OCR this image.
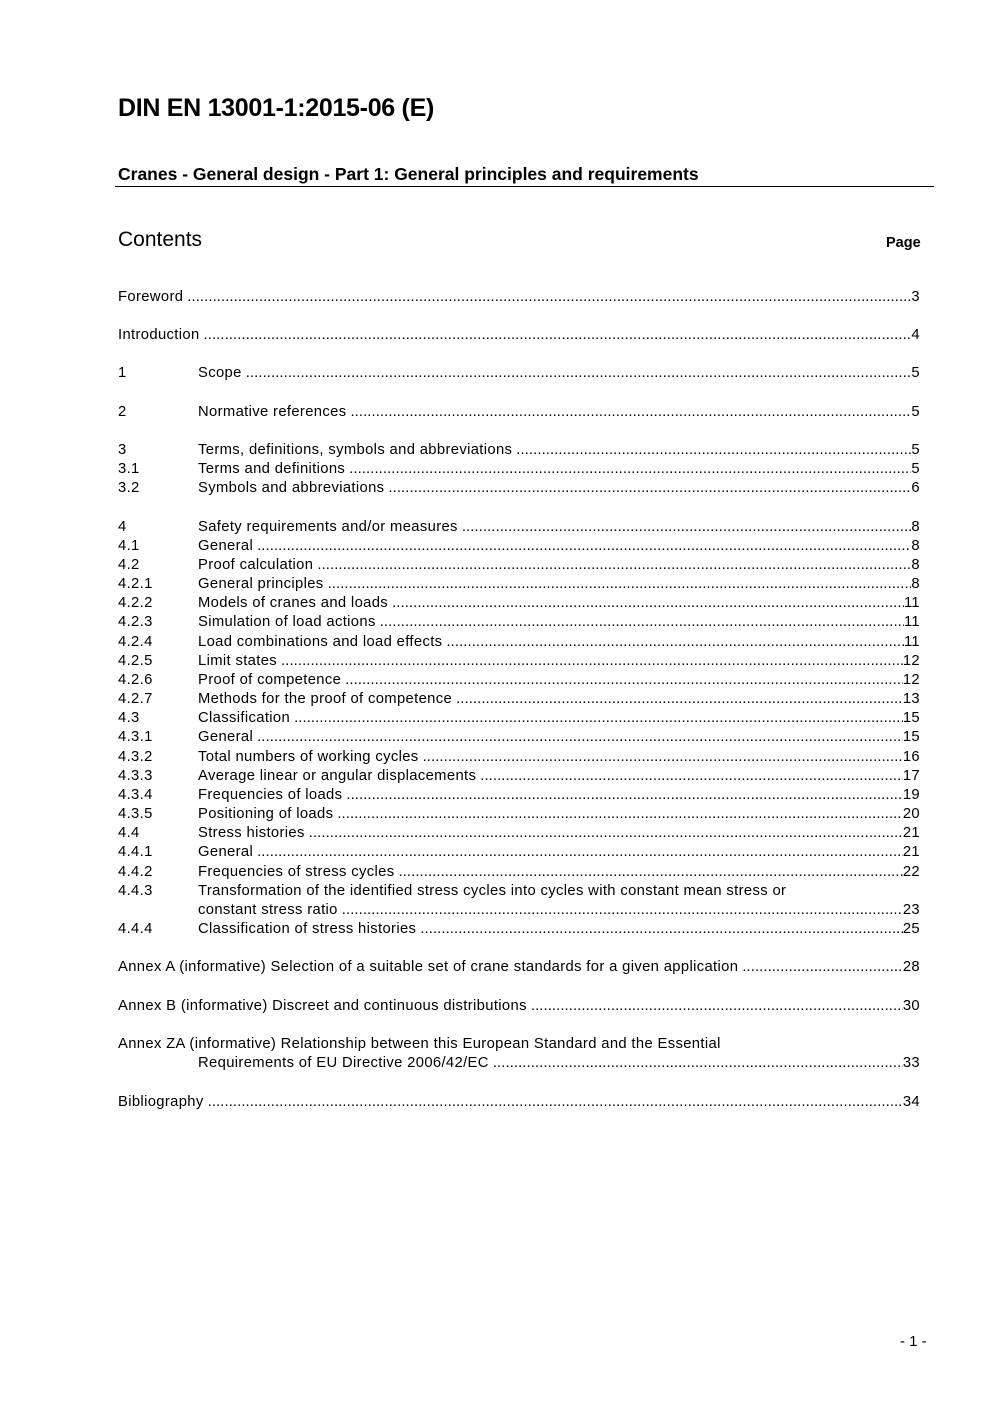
DIN EN 13001-1:2015-06 (E)
Cranes - General design - Part 1: General principles and requirements
Contents	Page
Foreword .....	3
Introduction .....	4
1	Scope .....	5
2	Normative references .....	5
3	Terms, definitions, symbols and abbreviations .....	5
3.1	Terms and definitions .....	5
3.2	Symbols and abbreviations .....	6
4	Safety requirements and/or measures .....	8
4.1	General .....	8
4.2	Proof calculation .....	8
4.2.1	General principles .....	8
4.2.2	Models of cranes and loads .....	11
4.2.3	Simulation of load actions .....	11
4.2.4	Load combinations and load effects .....	11
4.2.5	Limit states .....	12
4.2.6	Proof of competence .....	12
4.2.7	Methods for the proof of competence .....	13
4.3	Classification .....	15
4.3.1	General .....	15
4.3.2	Total numbers of working cycles .....	16
4.3.3	Average linear or angular displacements .....	17
4.3.4	Frequencies of loads .....	19
4.3.5	Positioning of loads .....	20
4.4	Stress histories .....	21
4.4.1	General .....	21
4.4.2	Frequencies of stress cycles .....	22
4.4.3	Transformation of the identified stress cycles into cycles with constant mean stress or
constant stress ratio .....	23
4.4.4	Classification of stress histories .....	25
Annex A (informative) Selection of a suitable set of crane standards for a given application .....	28
Annex B (informative) Discreet and continuous distributions .....	30
Annex ZA (informative) Relationship between this European Standard and the Essential
Requirements of EU Directive 2006/42/EC .....	33
Bibliography .....	34
- 1 -
